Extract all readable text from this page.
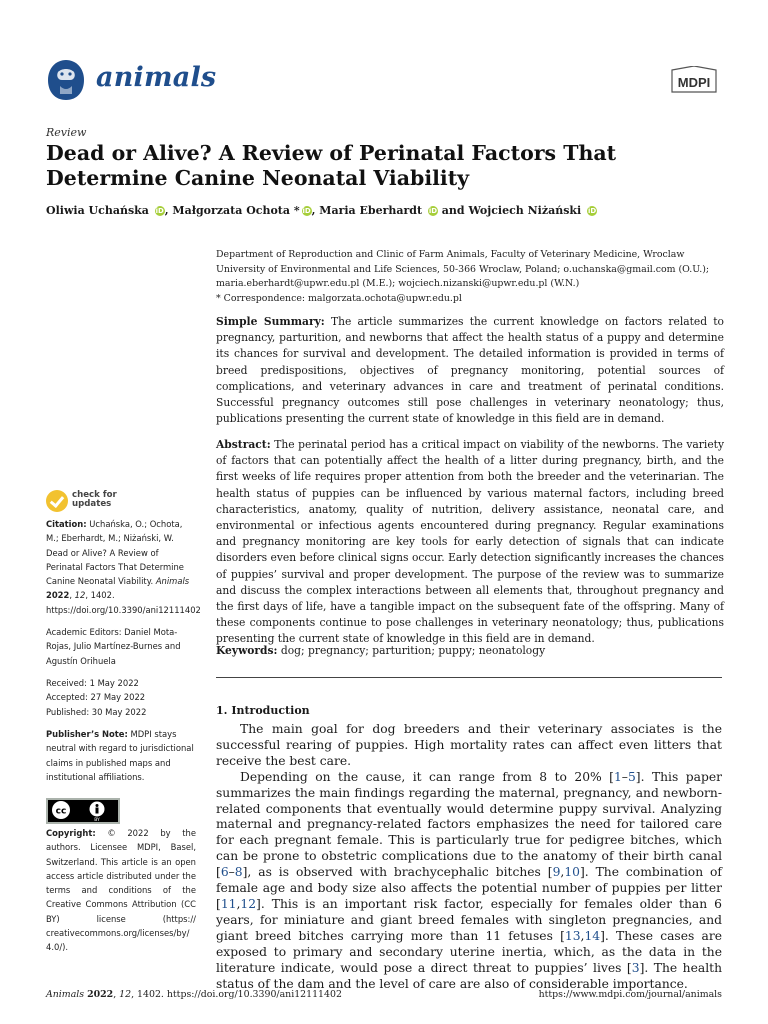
animals	MDPI
Review
Dead or Alive? A Review of Perinatal Factors That Determine Canine Neonatal Viability
Oliwia Uchańska iD, Małgorzata Ochota * iD, Maria Eberhardt iD and Wojciech Niżański iD

Department of Reproduction and Clinic of Farm Animals, Faculty of Veterinary Medicine, Wroclaw University of Environmental and Life Sciences, 50-366 Wroclaw, Poland; o.uchanska@gmail.com (O.U.);

maria.eberhardt@upwr.edu.pl (M.E.); wojciech.nizanski@upwr.edu.pl (W.N.)

* Correspondence: malgorzata.ochota@upwr.edu.pl

Simple Summary: The article summarizes the current knowledge on factors related to pregnancy, parturition, and newborns that affect the health status of a puppy and determine its chances for survival and development. The detailed information is provided in terms of breed predispositions, objectives of pregnancy monitoring, potential sources of complications, and veterinary advances in care and treatment of perinatal conditions. Successful pregnancy outcomes still pose challenges in veterinary neonatology; thus, publications presenting the current state of knowledge in this field are in demand.
Abstract: The perinatal period has a critical impact on viability of the newborns. The variety of factors that can potentially affect the health of a litter during pregnancy, birth, and the first weeks of life requires proper attention from both the breeder and the veterinarian. The health status of puppies can be influenced by various maternal factors, including breed characteristics, anatomy, quality of nutrition, delivery assistance, neonatal care, and environmental or infectious agents encountered during pregnancy. Regular examinations and pregnancy monitoring are key tools for early detection of signals that can indicate disorders even before clinical signs occur. Early detection significantly increases the chances of puppies’ survival and proper development. The purpose of the review was to summarize and discuss the complex interactions between all elements that, throughout pregnancy and the first days of life, have a tangible impact on the subsequent fate of the offspring. Many of these components continue to pose challenges in veterinary neonatology; thus, publications presenting the current state of knowledge in this field are in demand.
Keywords: dog; pregnancy; parturition; puppy; neonatology
1. Introduction

The main goal for dog breeders and their veterinary associates is the successful rearing of puppies. High mortality rates can affect even litters that receive the best care.

Depending on the cause, it can range from 8 to 20% [1–5]. This paper summarizes the main findings regarding the maternal, pregnancy, and newborn-related components that eventually would determine puppy survival. Analyzing maternal and pregnancy-related factors emphasizes the need for tailored care for each pregnant female. This is particularly true for pedigree bitches, which can be prone to obstetric complications due to the anatomy of their birth canal [6–8], as is observed with brachycephalic bitches [9,10]. The combination of female age and body size also affects the potential number of puppies per litter [11,12]. This is an important risk factor, especially for females older than 6 years, for miniature and giant breed females with singleton pregnancies, and giant breed bitches carrying more than 11 fetuses [13,14]. These cases are exposed to primary and secondary uterine inertia, which, as the data in the literature indicate, would pose a direct threat to puppies’ lives [3]. The health status of the dam and the level of care are also of considerable importance.

check for
updates
Citation: Uchańska, O.; Ochota, M.; Eberhardt, M.; Niżański, W. Dead or Alive? A Review of Perinatal Factors That Determine Canine Neonatal Viability. Animals 2022, 12, 1402. https://doi.org/10.3390/ani12111402
Academic Editors: Daniel Mota-Rojas, Julio Martínez-Burnes and Agustín Orihuela
Received: 1 May 2022
Accepted: 27 May 2022
Published: 30 May 2022
Publisher’s Note: MDPI stays neutral with regard to jurisdictional claims in published maps and institutional affiliations.
cc
BY
Copyright: © 2022 by the authors. Licensee MDPI, Basel, Switzerland. This article is an open access article distributed under the terms and conditions of the Creative Commons Attribution (CC BY) license (https:// creativecommons.org/licenses/by/ 4.0/).
Animals 2022, 12, 1402. https://doi.org/10.3390/ani12111402	https://www.mdpi.com/journal/animals
